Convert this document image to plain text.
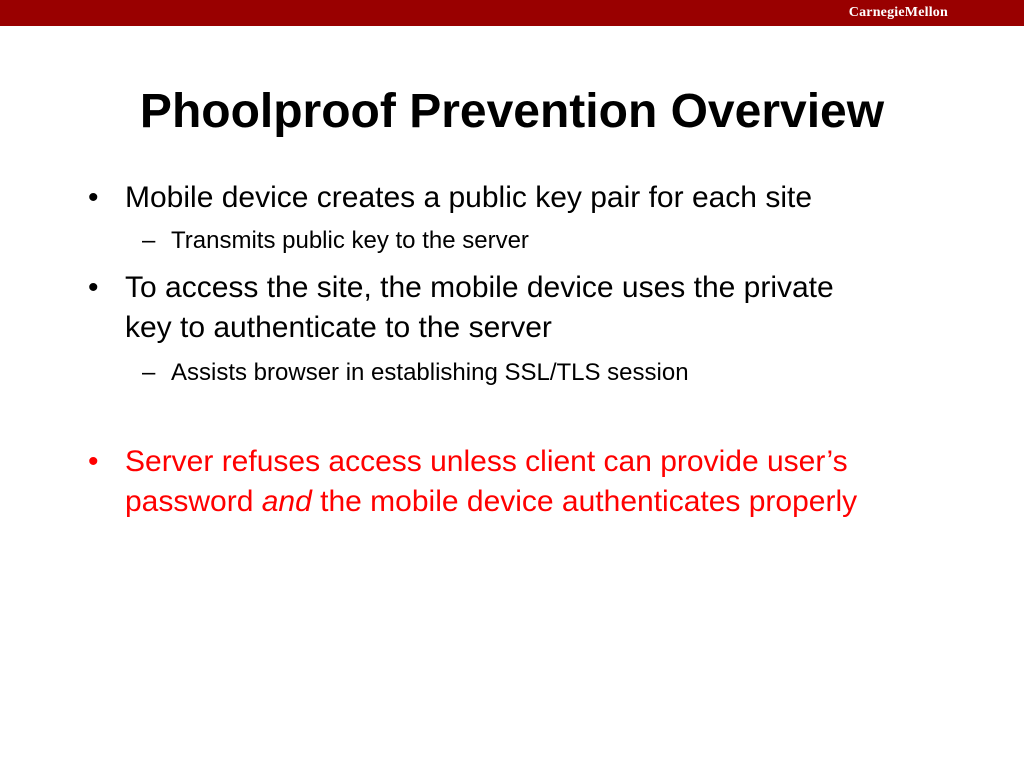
CarnegieMellon
Phoolproof Prevention Overview
• Mobile device creates a public key pair for each site
– Transmits public key to the server
• To access the site, the mobile device uses the private
key to authenticate to the server
– Assists browser in establishing SSL/TLS session
• Server refuses access unless client can provide user’s
password and the mobile device authenticates properly
